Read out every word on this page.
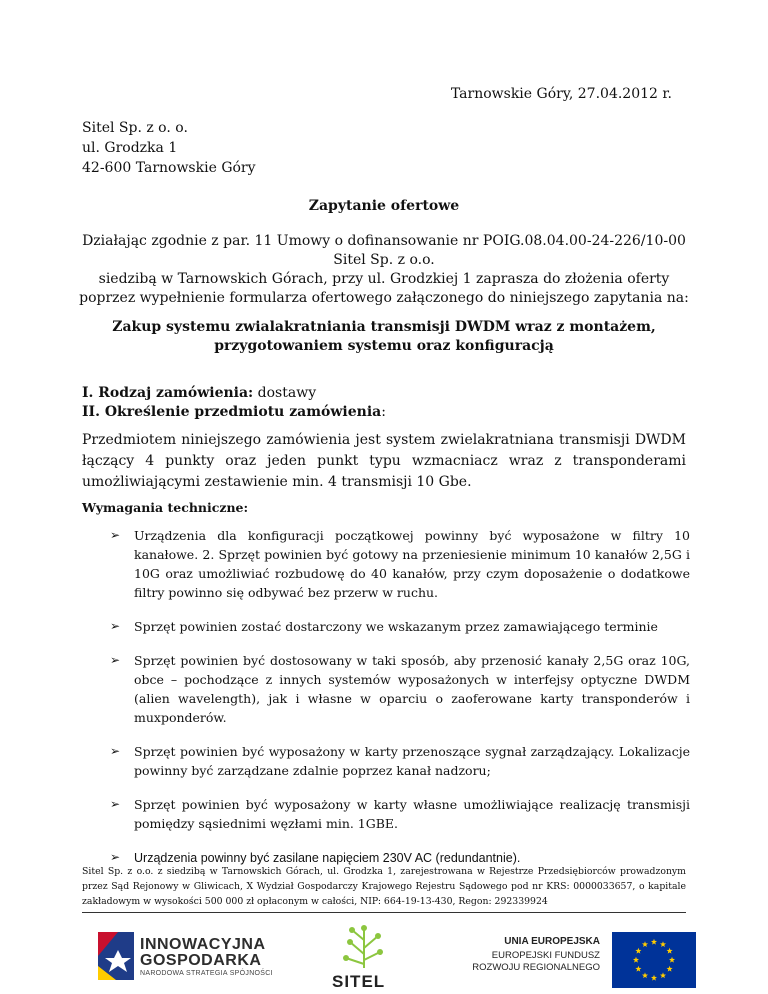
Tarnowskie Góry, 27.04.2012 r.
Sitel Sp. z o. o.
ul. Grodzka 1
42-600 Tarnowskie Góry
Zapytanie ofertowe
Działając zgodnie z par. 11 Umowy o dofinansowanie nr POIG.08.04.00-24-226/10-00
Sitel Sp. z o.o.
siedzibą w Tarnowskich Górach, przy ul. Grodzkiej 1 zaprasza do złożenia oferty
poprzez wypełnienie formularza ofertowego załączonego do niniejszego zapytania na:
Zakup systemu zwialakratniania transmisji DWDM wraz z montażem,
przygotowaniem systemu oraz konfiguracją
I. Rodzaj zamówienia: dostawy
II. Określenie przedmiotu zamówienia:
Przedmiotem niniejszego zamówienia jest system zwielakratniana transmisji DWDM łączący 4 punkty oraz jeden punkt typu wzmacniacz wraz z transponderami umożliwiającymi zestawienie min. 4 transmisji 10 Gbe.
Wymagania techniczne:
➢ Urządzenia dla konfiguracji początkowej powinny być wyposażone w filtry 10 kanałowe. 2. Sprzęt powinien być gotowy na przeniesienie minimum 10 kanałów 2,5G i 10G oraz umożliwiać rozbudowę do 40 kanałów, przy czym doposażenie o dodatkowe filtry powinno się odbywać bez przerw w ruchu.
➢ Sprzęt powinien zostać dostarczony we wskazanym przez zamawiającego terminie
➢ Sprzęt powinien być dostosowany w taki sposób, aby przenosić kanały 2,5G oraz 10G, obce – pochodzące z innych systemów wyposażonych w interfejsy optyczne DWDM (alien wavelength), jak i własne w oparciu o zaoferowane karty transponderów i muxponderów.
➢ Sprzęt powinien być wyposażony w karty przenoszące sygnał zarządzający. Lokalizacje powinny być zarządzane zdalnie poprzez kanał nadzoru;
➢ Sprzęt powinien być wyposażony w karty własne umożliwiające realizację transmisji pomiędzy sąsiednimi węzłami min. 1GBE.
➢ Urządzenia powinny być zasilane napięciem 230V AC (redundantnie).
Sitel Sp. z o.o. z siedzibą w Tarnowskich Górach, ul. Grodzka 1, zarejestrowana w Rejestrze Przedsiębiorców prowadzonym przez Sąd Rejonowy w Gliwicach, X Wydział Gospodarczy Krajowego Rejestru Sądowego pod nr KRS: 0000033657, o kapitale zakładowym w wysokości 500 000 zł opłaconym w całości, NIP: 664-19-13-430, Regon: 292339924
INNOWACYJNA
GOSPODARKA
NARODOWA STRATEGIA SPÓJNOŚCI	SITEL
UNIA EUROPEJSKA
EUROPEJSKI FUNDUSZ
ROZWOJU REGIONALNEGO
